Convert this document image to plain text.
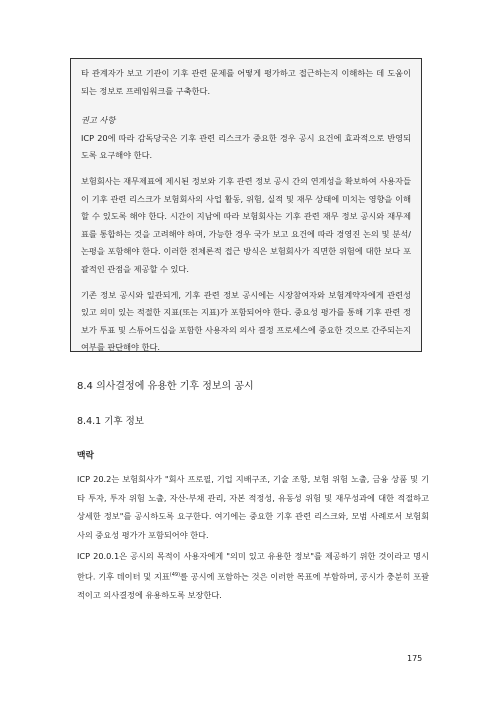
타 관계자가 보고 기관이 기후 관련 문제를 어떻게 평가하고 접근하는지 이해하는 데 도움이 되는 정보로 프레임워크를 구축한다.

권고 사항

ICP 20에 따라 감독당국은 기후 관련 리스크가 중요한 경우 공시 요건에 효과적으로 반영되도록 요구해야 한다.

보험회사는 재무제표에 제시된 정보와 기후 관련 정보 공시 간의 연계성을 확보하여 사용자들이 기후 관련 리스크가 보험회사의 사업 활동, 위험, 실적 및 재무 상태에 미치는 영향을 이해할 수 있도록 해야 한다. 시간이 지남에 따라 보험회사는 기후 관련 재무 정보 공시와 재무제표를 통합하는 것을 고려해야 하며, 가능한 경우 국가 보고 요건에 따라 경영진 논의 및 분석/논평을 포함해야 한다. 이러한 전체론적 접근 방식은 보험회사가 직면한 위험에 대한 보다 포괄적인 관점을 제공할 수 있다.

기존 정보 공시와 일관되게, 기후 관련 정보 공시에는 시장참여자와 보험계약자에게 관련성 있고 의미 있는 적절한 지표(또는 지표)가 포함되어야 한다. 중요성 평가를 통해 기후 관련 정보가 투표 및 스튜어드십을 포함한 사용자의 의사 결정 프로세스에 중요한 것으로 간주되는지 여부를 판단해야 한다.

8.4 의사결정에 유용한 기후 정보의 공시
8.4.1 기후 정보
맥락

ICP 20.2는 보험회사가 "회사 프로필, 기업 지배구조, 기술 조항, 보험 위험 노출, 금융 상품 및 기타 투자, 투자 위험 노출, 자산-부채 관리, 자본 적정성, 유동성 위험 및 재무성과에 대한 적절하고 상세한 정보"를 공시하도록 요구한다. 여기에는 중요한 기후 관련 리스크와, 모범 사례로서 보험회사의 중요성 평가가 포함되어야 한다.

ICP 20.0.1은 공시의 목적이 사용자에게 "의미 있고 유용한 정보"를 제공하기 위한 것이라고 명시한다. 기후 데이터 및 지표$^{(49)}$를 공시에 포함하는 것은 이러한 목표에 부합하며, 공시가 충분히 포괄적이고 의사결정에 유용하도록 보장한다.

175
